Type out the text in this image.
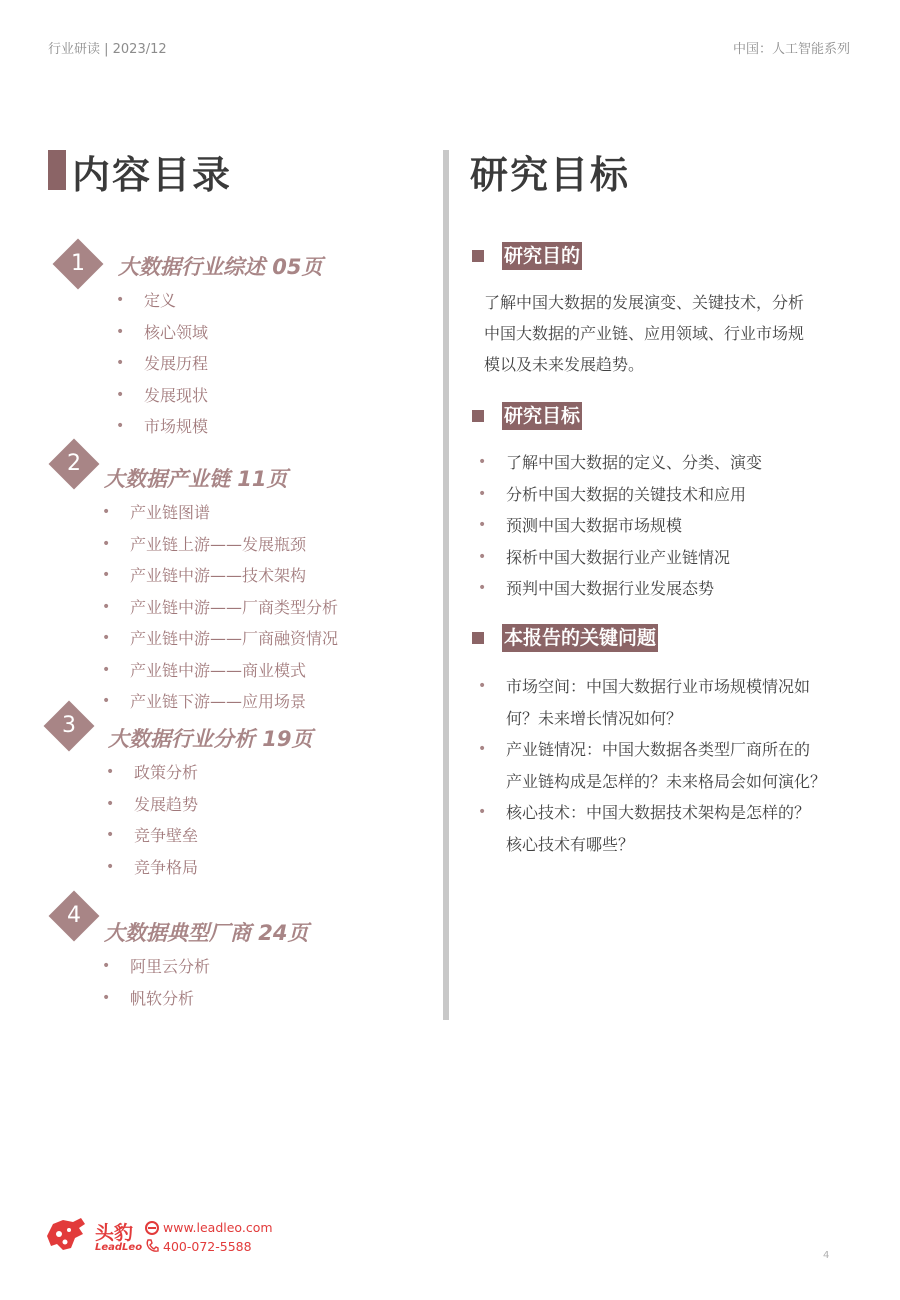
行业研读 | 2023/12	中国：人工智能系列
内容目录
1	大数据行业综述 05页
• 定义
• 核心领域
• 发展历程
• 发展现状
• 市场规模
2
大数据产业链 11页
• 产业链图谱
• 产业链上游——发展瓶颈
• 产业链中游——技术架构
• 产业链中游——厂商类型分析
• 产业链中游——厂商融资情况
• 产业链中游——商业模式
• 产业链下游——应用场景
3
大数据行业分析 19页
• 政策分析
• 发展趋势
• 竞争壁垒
• 竞争格局
4
大数据典型厂商 24页
• 阿里云分析
• 帆软分析
研究目标
研究目的

了解中国大数据的发展演变、关键技术，分析

中国大数据的产业链、应用领域、行业市场规

模以及未来发展趋势。

研究目标
• 了解中国大数据的定义、分类、演变
• 分析中国大数据的关键技术和应用
• 预测中国大数据市场规模
• 探析中国大数据行业产业链情况
• 预判中国大数据行业发展态势
本报告的关键问题
• 市场空间：中国大数据行业市场规模情况如
何？未来增长情况如何？
• 产业链情况：中国大数据各类型厂商所在的
产业链构成是怎样的？未来格局会如何演化？
• 核心技术：中国大数据技术架构是怎样的？
核心技术有哪些？
头豹
LeadLeo
www.leadleo.com
400-072-5588
4
